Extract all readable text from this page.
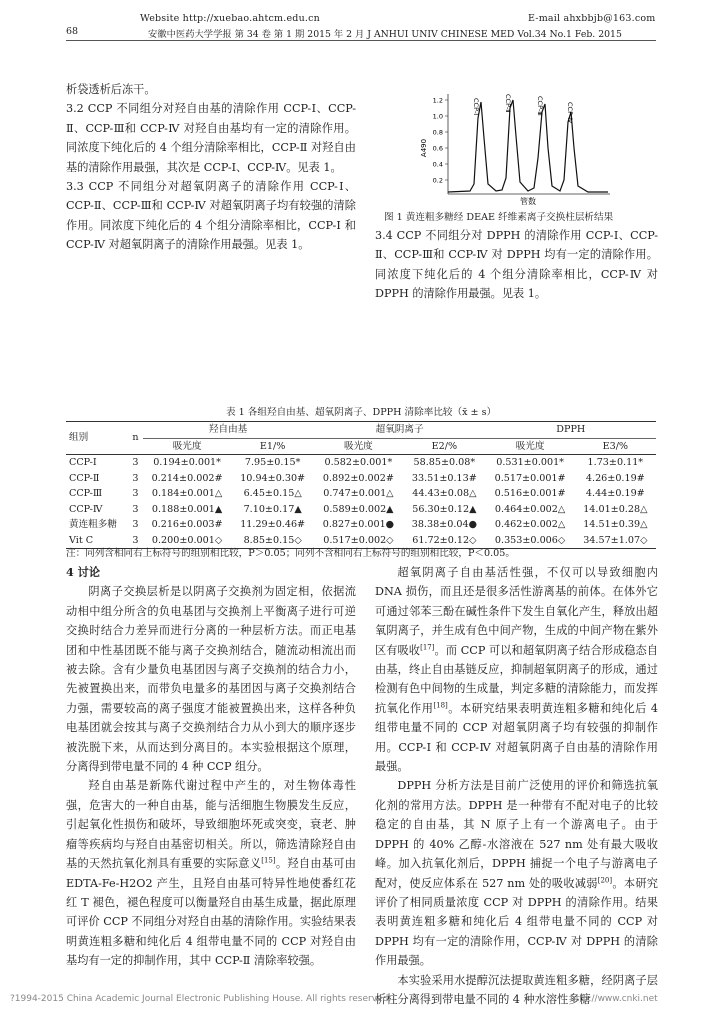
Website http://xuebao.ahtcm.edu.cn	E-mail ahxbbjb@163.com
68	安徽中医药大学学报 第 34 卷 第 1 期 2015 年 2 月 J ANHUI UNIV CHINESE MED Vol.34 No.1 Feb. 2015

析袋透析后冻干。

3.2 CCP 不同组分对羟自由基的清除作用 CCP-Ⅰ、CCP-Ⅱ、CCP-Ⅲ和 CCP-Ⅳ 对羟自由基均有一定的清除作用。同浓度下纯化后的 4 个组分清除率相比，CCP-Ⅱ 对羟自由基的清除作用最强，其次是 CCP-Ⅰ、CCP-Ⅳ。见表 1。

3.3 CCP 不同组分对超氧阴离子的清除作用 CCP-Ⅰ、CCP-Ⅱ、CCP-Ⅲ和 CCP-Ⅳ 对超氧阴离子均有较强的清除作用。同浓度下纯化后的 4 个组分清除率相比，CCP-Ⅰ 和 CCP-Ⅳ 对超氧阴离子的清除作用最强。见表 1。

1.2
1.0
0.8
0.6
0.4
0.2
A490
管数
CCP-Ⅰ	CCP-Ⅱ	CCP-Ⅲ	CCP-Ⅳ
图 1 黄连粗多糖经 DEAE 纤维素离子交换柱层析结果

3.4 CCP 不同组分对 DPPH 的清除作用 CCP-Ⅰ、CCP-Ⅱ、CCP-Ⅲ和 CCP-Ⅳ 对 DPPH 均有一定的清除作用。同浓度下纯化后的 4 个组分清除率相比，CCP-Ⅳ 对 DPPH 的清除作用最强。见表 1。

表 1 各组羟自由基、超氧阴离子、DPPH 清除率比较（x̄ ± s）
组别	n	羟自由基		超氧阴离子		DPPH	
		吸光度	E1/%	吸光度	E2/%	吸光度	E3/%
CCP-Ⅰ	3	0.194±0.001*	7.95±0.15*	0.582±0.001*	58.85±0.08*	0.531±0.001*	1.73±0.11*
CCP-Ⅱ	3	0.214±0.002#	10.94±0.30#	0.892±0.002#	33.51±0.13#	0.517±0.001#	4.26±0.19#
CCP-Ⅲ	3	0.184±0.001△	6.45±0.15△	0.747±0.001△	44.43±0.08△	0.516±0.001#	4.44±0.19#
CCP-Ⅳ	3	0.188±0.001▲	7.10±0.17▲	0.589±0.002▲	56.30±0.12▲	0.464±0.002△	14.01±0.28△
黄连粗多糖	3	0.216±0.003#	11.29±0.46#	0.827±0.001●	38.38±0.04●	0.462±0.002△	14.51±0.39△
Vit C	3	0.200±0.001◇	8.85±0.15◇	0.517±0.002◇	61.72±0.12◇	0.353±0.006◇	34.57±1.07◇
注：同列含相同右上标符号的组别相比较，P＞0.05；同列不含相同右上标符号的组别相比较，P＜0.05。

4 讨论

阴离子交换层析是以阴离子交换剂为固定相，依据流动相中组分所含的负电基团与交换剂上平衡离子进行可逆交换时结合力差异而进行分离的一种层析方法。而正电基团和中性基团既不能与离子交换剂结合，随流动相流出而被去除。含有少量负电基团因与离子交换剂的结合力小，先被置换出来，而带负电量多的基团因与离子交换剂结合力强，需要较高的离子强度才能被置换出来，这样各种负电基团就会按其与离子交换剂结合力从小到大的顺序逐步被洗脱下来，从而达到分离目的。本实验根据这个原理，分离得到带电量不同的 4 种 CCP 组分。

羟自由基是新陈代谢过程中产生的，对生物体毒性强，危害大的一种自由基，能与活细胞生物膜发生反应，引起氧化性损伤和破坏，导致细胞坏死或突变，衰老、肿瘤等疾病均与羟自由基密切相关。所以，筛选清除羟自由基的天然抗氧化剂具有重要的实际意义[15]。羟自由基可由 EDTA-Fe-H2O2 产生，且羟自由基可特异性地使番红花红 T 褪色，褪色程度可以衡量羟自由基生成量，据此原理可评价 CCP 不同组分对羟自由基的清除作用。实验结果表明黄连粗多糖和纯化后 4 组带电量不同的 CCP 对羟自由基均有一定的抑制作用，其中 CCP-Ⅱ 清除率较强。

超氧阴离子自由基活性强，不仅可以导致细胞内 DNA 损伤，而且还是很多活性游离基的前体。在体外它可通过邻苯三酚在碱性条件下发生自氧化产生，释放出超氧阴离子，并生成有色中间产物，生成的中间产物在紫外区有吸收[17]。而 CCP 可以和超氧阴离子结合形成稳态自由基，终止自由基链反应，抑制超氧阴离子的形成，通过检测有色中间物的生成量，判定多糖的清除能力，而发挥抗氧化作用[18]。本研究结果表明黄连粗多糖和纯化后 4 组带电量不同的 CCP 对超氧阴离子均有较强的抑制作用。CCP-Ⅰ 和 CCP-Ⅳ 对超氧阴离子自由基的清除作用最强。

DPPH 分析方法是目前广泛使用的评价和筛选抗氧化剂的常用方法。DPPH 是一种带有不配对电子的比较稳定的自由基，其 N 原子上有一个游离电子。由于 DPPH 的 40% 乙醇-水溶液在 527 nm 处有最大吸收峰。加入抗氧化剂后，DPPH 捕捉一个电子与游离电子配对，使反应体系在 527 nm 处的吸收减弱[20]。本研究评价了相同质量浓度 CCP 对 DPPH 的清除作用。结果表明黄连粗多糖和纯化后 4 组带电量不同的 CCP 对 DPPH 均有一定的清除作用，CCP-Ⅳ 对 DPPH 的清除作用最强。

本实验采用水提醇沉法提取黄连粗多糖，经阴离子层析柱分离得到带电量不同的 4 种水溶性多糖

?1994-2015 China Academic Journal Electronic Publishing House. All rights reserved.	http://www.cnki.net
